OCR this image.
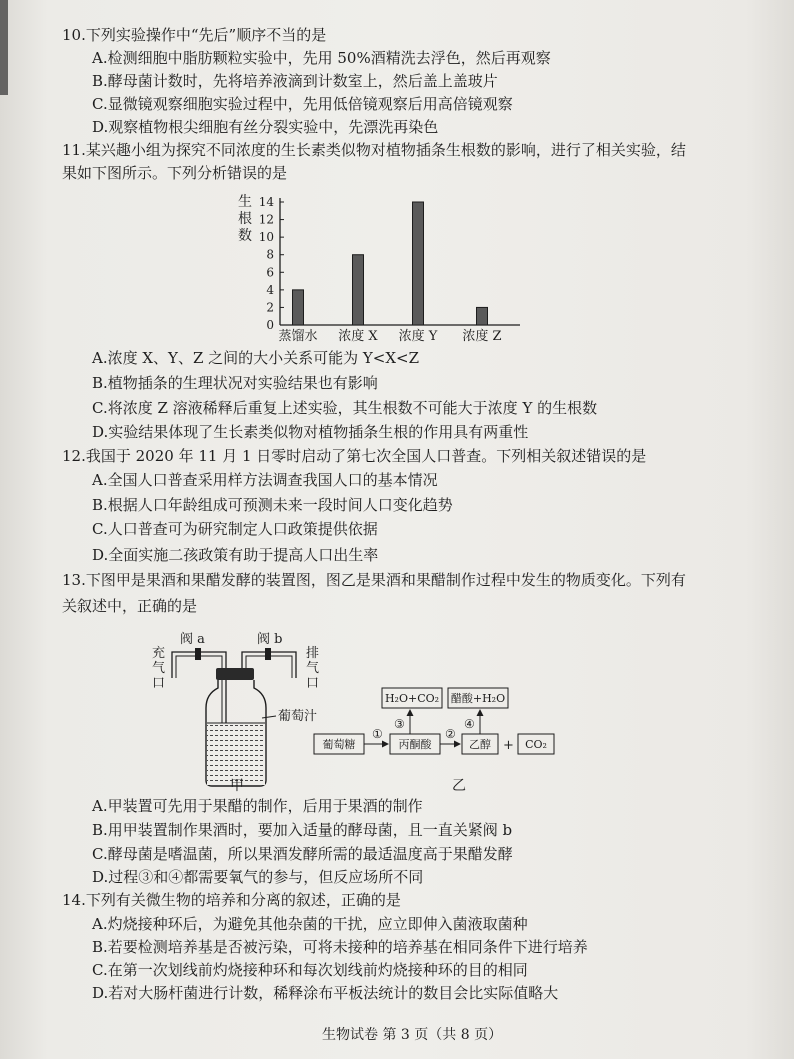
10.下列实验操作中“先后”顺序不当的是
A.检测细胞中脂肪颗粒实验中，先用 50%酒精洗去浮色，然后再观察
B.酵母菌计数时，先将培养液滴到计数室上，然后盖上盖玻片
C.显微镜观察细胞实验过程中，先用低倍镜观察后用高倍镜观察
D.观察植物根尖细胞有丝分裂实验中，先漂洗再染色
11.某兴趣小组为探究不同浓度的生长素类似物对植物插条生根数的影响，进行了相关实验，结
果如下图所示。下列分析错误的是
生
根
数
0
2
4
6
8
10
12
14
蒸馏水 浓度 X 浓度 Y 浓度 Z
A.浓度 X、Y、Z 之间的大小关系可能为 Y<X<Z
B.植物插条的生理状况对实验结果也有影响
C.将浓度 Z 溶液稀释后重复上述实验，其生根数不可能大于浓度 Y 的生根数
D.实验结果体现了生长素类似物对植物插条生根的作用具有两重性
12.我国于 2020 年 11 月 1 日零时启动了第七次全国人口普查。下列相关叙述错误的是
A.全国人口普查采用样方法调查我国人口的基本情况
B.根据人口年龄组成可预测未来一段时间人口变化趋势
C.人口普查可为研究制定人口政策提供依据
D.全面实施二孩政策有助于提高人口出生率
13.下图甲是果酒和果醋发酵的装置图，图乙是果酒和果醋制作过程中发生的物质变化。下列有
关叙述中，正确的是
阀 a	阀 b
充
气
口
排
气
口
葡萄汁
甲
H₂O+CO₂ 醋酸+H₂O
葡萄糖
①
丙酮酸
②
乙醇 + CO₂
③	④
乙
A.甲装置可先用于果醋的制作，后用于果酒的制作
B.用甲装置制作果酒时，要加入适量的酵母菌，且一直关紧阀 b
C.酵母菌是嗜温菌，所以果酒发酵所需的最适温度高于果醋发酵
D.过程③和④都需要氧气的参与，但反应场所不同
14.下列有关微生物的培养和分离的叙述，正确的是
A.灼烧接种环后，为避免其他杂菌的干扰，应立即伸入菌液取菌种
B.若要检测培养基是否被污染，可将未接种的培养基在相同条件下进行培养
C.在第一次划线前灼烧接种环和每次划线前灼烧接种环的目的相同
D.若对大肠杆菌进行计数，稀释涂布平板法统计的数目会比实际值略大
生物试卷 第 3 页（共 8 页）
